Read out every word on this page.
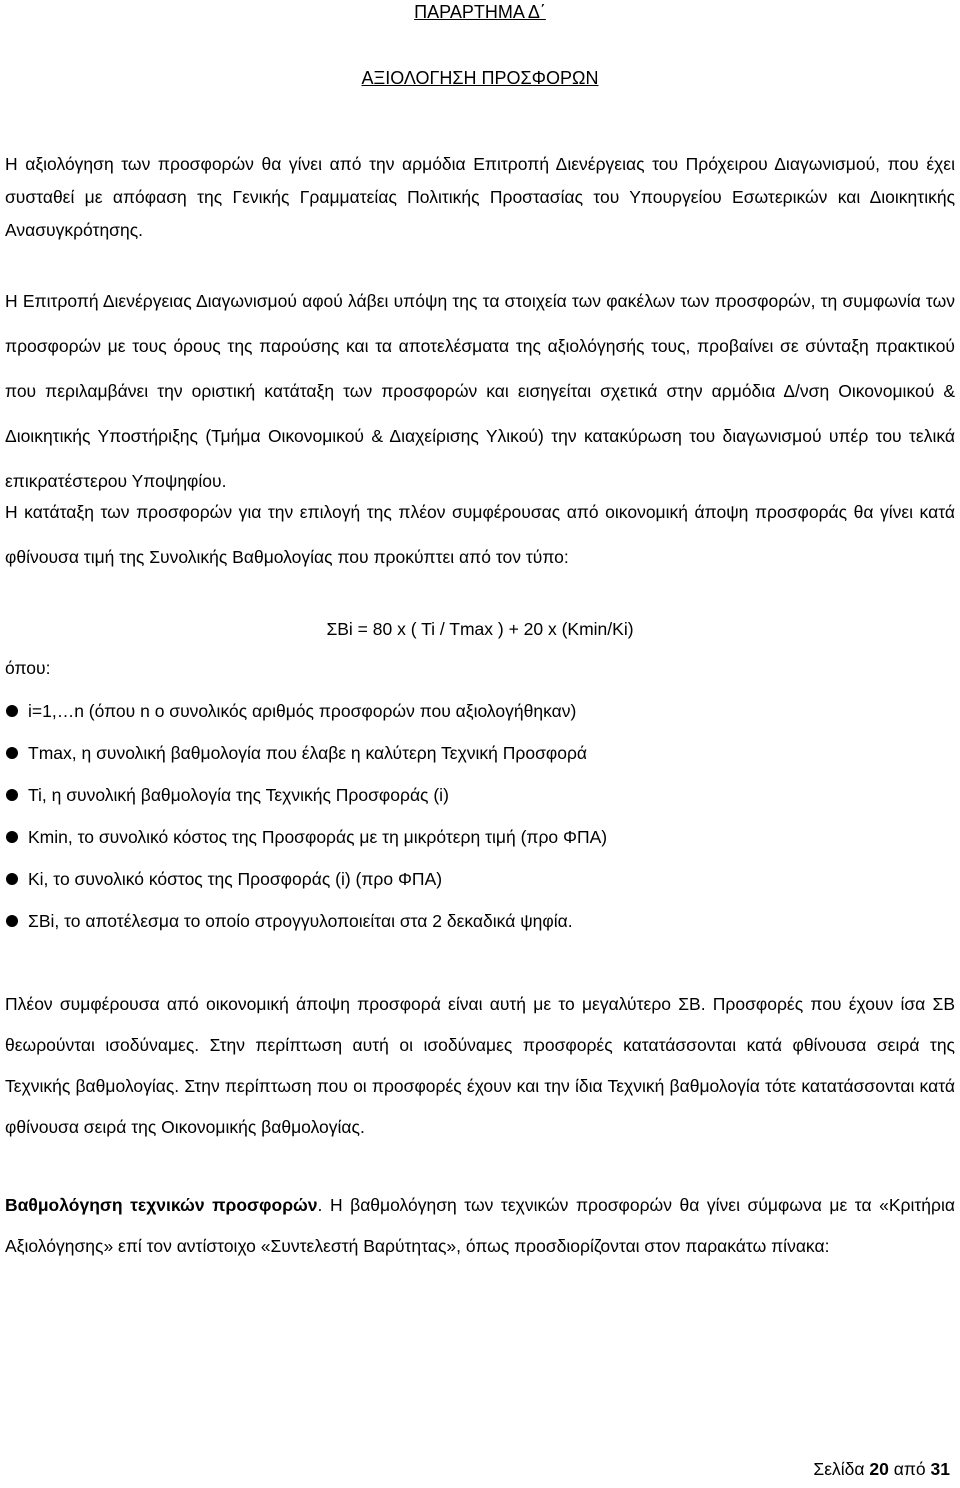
ΠΑΡΑΡΤΗΜΑ Δ΄
ΑΞΙΟΛΟΓΗΣΗ ΠΡΟΣΦΟΡΩΝ

Η αξιολόγηση των προσφορών θα γίνει από την αρμόδια Επιτροπή Διενέργειας του Πρόχειρου Διαγωνισμού, που έχει συσταθεί με απόφαση της Γενικής Γραμματείας Πολιτικής Προστασίας του Υπουργείου Εσωτερικών και Διοικητικής Ανασυγκρότησης.

Η Επιτροπή Διενέργειας Διαγωνισμού αφού λάβει υπόψη της τα στοιχεία των φακέλων των προσφορών, τη συμφωνία των προσφορών με τους όρους της παρούσης και τα αποτελέσματα της αξιολόγησής τους, προβαίνει σε σύνταξη πρακτικού που περιλαμβάνει την οριστική κατάταξη των προσφορών και εισηγείται σχετικά στην αρμόδια Δ/νση Οικονομικού & Διοικητικής Υποστήριξης (Τμήμα Οικονομικού & Διαχείρισης Υλικού) την κατακύρωση του διαγωνισμού υπέρ του τελικά επικρατέστερου Υποψηφίου.

Η κατάταξη των προσφορών για την επιλογή της πλέον συμφέρουσας από οικονομική άποψη προσφοράς θα γίνει κατά φθίνουσα τιμή της Συνολικής Βαθμολογίας που προκύπτει από τον τύπο:

ΣΒi = 80 x ( Ti / Tmax ) + 20 x (Kmin/Ki)
όπου:
i=1,…n (όπου n ο συνολικός αριθμός προσφορών που αξιολογήθηκαν)
Tmax, η συνολική βαθμολογία που έλαβε η καλύτερη Τεχνική Προσφορά
Ti, η συνολική βαθμολογία της Τεχνικής Προσφοράς (i)
Kmin, το συνολικό κόστος της Προσφοράς με τη μικρότερη τιμή (προ ΦΠΑ)
Ki, το συνολικό κόστος της Προσφοράς (i) (προ ΦΠΑ)
ΣΒi, το αποτέλεσμα το οποίο στρογγυλοποιείται στα 2 δεκαδικά ψηφία.

Πλέον συμφέρουσα από οικονομική άποψη προσφορά είναι αυτή με το μεγαλύτερο ΣΒ. Προσφορές που έχουν ίσα ΣΒ θεωρούνται ισοδύναμες. Στην περίπτωση αυτή οι ισοδύναμες προσφορές κατατάσσονται κατά φθίνουσα σειρά της Τεχνικής βαθμολογίας. Στην περίπτωση που οι προσφορές έχουν και την ίδια Τεχνική βαθμολογία τότε κατατάσσονται κατά φθίνουσα σειρά της Οικονομικής βαθμολογίας.

Βαθμολόγηση τεχνικών προσφορών. Η βαθμολόγηση των τεχνικών προσφορών θα γίνει σύμφωνα με τα «Κριτήρια Αξιολόγησης» επί τον αντίστοιχο «Συντελεστή Βαρύτητας», όπως προσδιορίζονται στον παρακάτω πίνακα:

Σελίδα 20 από 31
